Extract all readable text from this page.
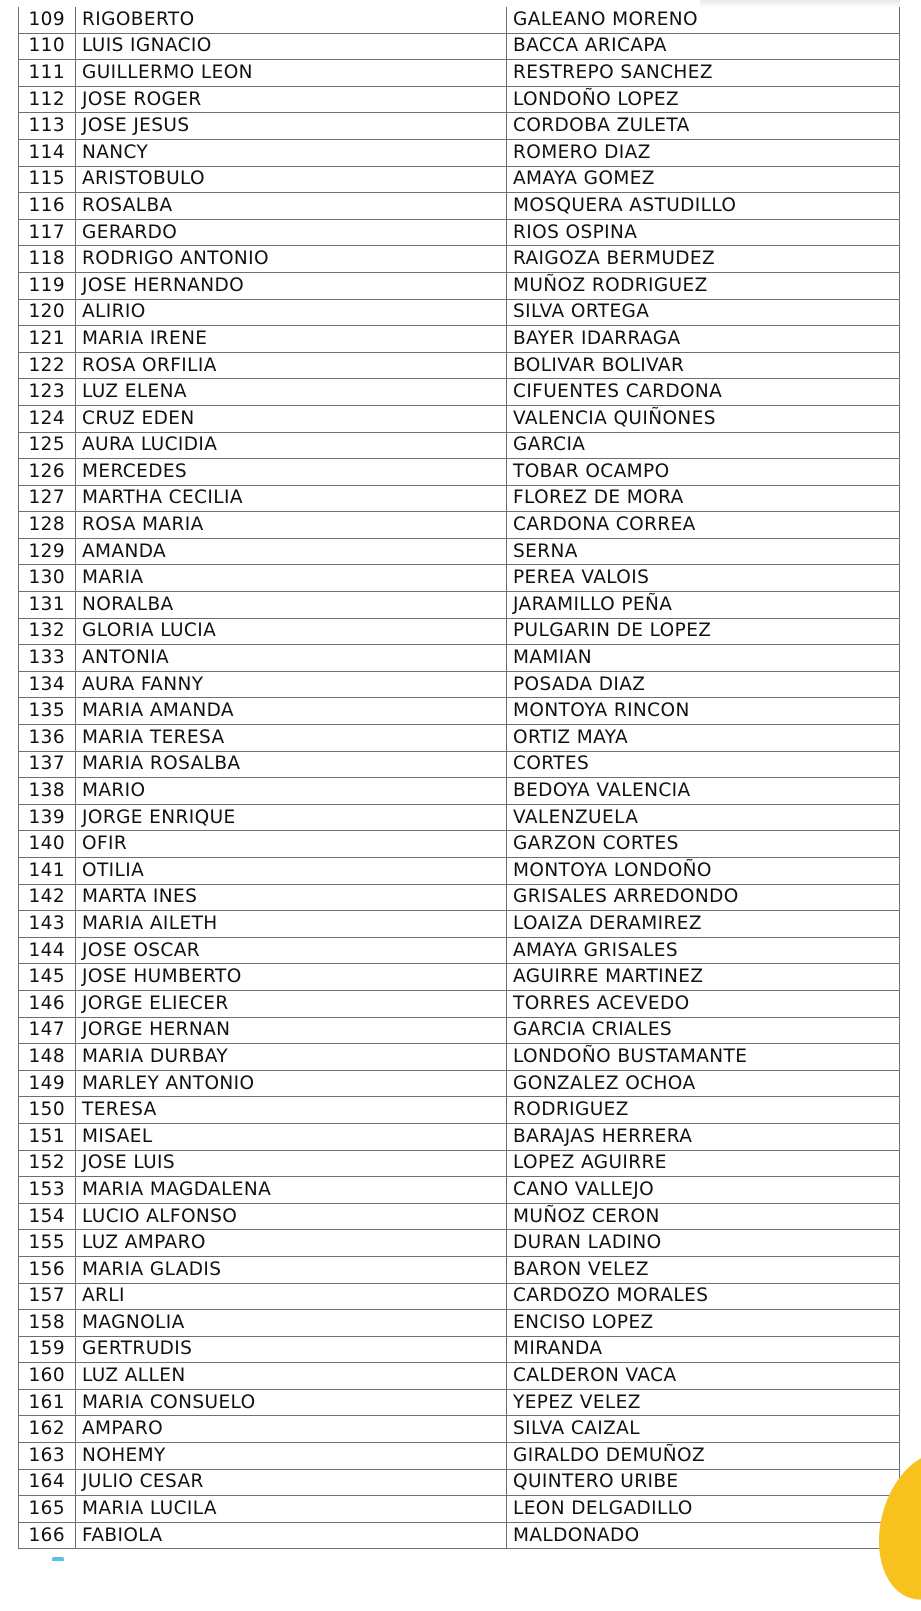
109	RIGOBERTO	GALEANO MORENO
110	LUIS IGNACIO	BACCA ARICAPA
111	GUILLERMO LEON	RESTREPO SANCHEZ
112	JOSE ROGER	LONDOÑO LOPEZ
113	JOSE JESUS	CORDOBA ZULETA
114	NANCY	ROMERO DIAZ
115	ARISTOBULO	AMAYA GOMEZ
116	ROSALBA	MOSQUERA ASTUDILLO
117	GERARDO	RIOS OSPINA
118	RODRIGO ANTONIO	RAIGOZA BERMUDEZ
119	JOSE HERNANDO	MUÑOZ RODRIGUEZ
120	ALIRIO	SILVA ORTEGA
121	MARIA IRENE	BAYER IDARRAGA
122	ROSA ORFILIA	BOLIVAR BOLIVAR
123	LUZ ELENA	CIFUENTES CARDONA
124	CRUZ EDEN	VALENCIA QUIÑONES
125	AURA LUCIDIA	GARCIA
126	MERCEDES	TOBAR OCAMPO
127	MARTHA CECILIA	FLOREZ DE MORA
128	ROSA MARIA	CARDONA CORREA
129	AMANDA	SERNA
130	MARIA	PEREA VALOIS
131	NORALBA	JARAMILLO PEÑA
132	GLORIA LUCIA	PULGARIN DE LOPEZ
133	ANTONIA	MAMIAN
134	AURA FANNY	POSADA DIAZ
135	MARIA AMANDA	MONTOYA RINCON
136	MARIA TERESA	ORTIZ MAYA
137	MARIA ROSALBA	CORTES
138	MARIO	BEDOYA VALENCIA
139	JORGE ENRIQUE	VALENZUELA
140	OFIR	GARZON CORTES
141	OTILIA	MONTOYA LONDOÑO
142	MARTA INES	GRISALES ARREDONDO
143	MARIA AILETH	LOAIZA DERAMIREZ
144	JOSE OSCAR	AMAYA GRISALES
145	JOSE HUMBERTO	AGUIRRE MARTINEZ
146	JORGE ELIECER	TORRES ACEVEDO
147	JORGE HERNAN	GARCIA CRIALES
148	MARIA DURBAY	LONDOÑO BUSTAMANTE
149	MARLEY ANTONIO	GONZALEZ OCHOA
150	TERESA	RODRIGUEZ
151	MISAEL	BARAJAS HERRERA
152	JOSE LUIS	LOPEZ AGUIRRE
153	MARIA MAGDALENA	CANO VALLEJO
154	LUCIO ALFONSO	MUÑOZ CERON
155	LUZ AMPARO	DURAN LADINO
156	MARIA GLADIS	BARON VELEZ
157	ARLI	CARDOZO MORALES
158	MAGNOLIA	ENCISO LOPEZ
159	GERTRUDIS	MIRANDA
160	LUZ ALLEN	CALDERON VACA
161	MARIA CONSUELO	YEPEZ VELEZ
162	AMPARO	SILVA CAIZAL
163	NOHEMY	GIRALDO DEMUÑOZ
164	JULIO CESAR	QUINTERO URIBE
165	MARIA LUCILA	LEON DELGADILLO
166	FABIOLA	MALDONADO
